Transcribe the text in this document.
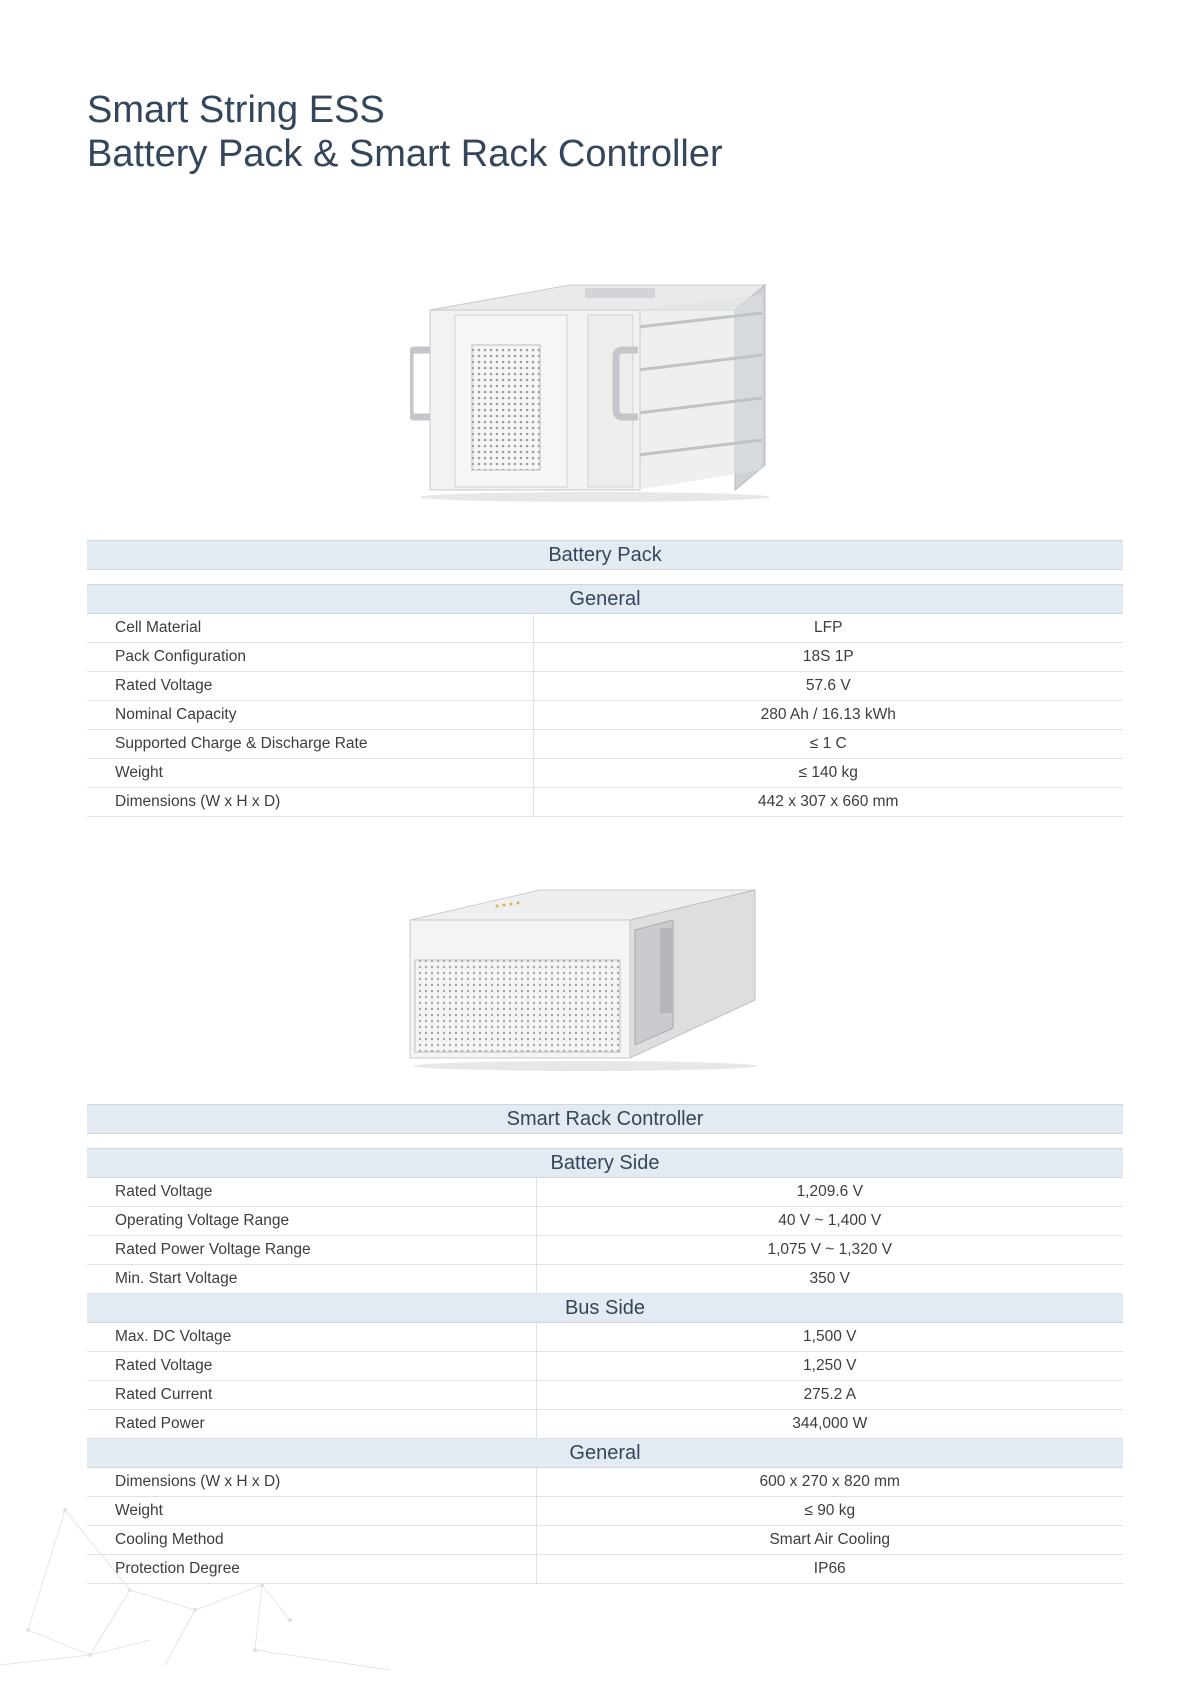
Smart String ESS
Battery Pack & Smart Rack Controller
Battery Pack	

General	
Cell Material	LFP
Pack Configuration	18S 1P
Rated Voltage	57.6 V
Nominal Capacity	280 Ah / 16.13 kWh
Supported Charge & Discharge Rate	≤ 1 C
Weight	≤ 140 kg
Dimensions (W x H x D)	442 x 307 x 660 mm
Smart Rack Controller	

Battery Side	
Rated Voltage	1,209.6 V
Operating Voltage Range	40 V ~ 1,400 V
Rated Power Voltage Range	1,075 V ~ 1,320 V
Min. Start Voltage	350 V
Bus Side	
Max. DC Voltage	1,500 V
Rated Voltage	1,250 V
Rated Current	275.2 A
Rated Power	344,000 W
General	
Dimensions (W x H x D)	600 x 270 x 820 mm
Weight	≤ 90 kg
Cooling Method	Smart Air Cooling
Protection Degree	IP66
